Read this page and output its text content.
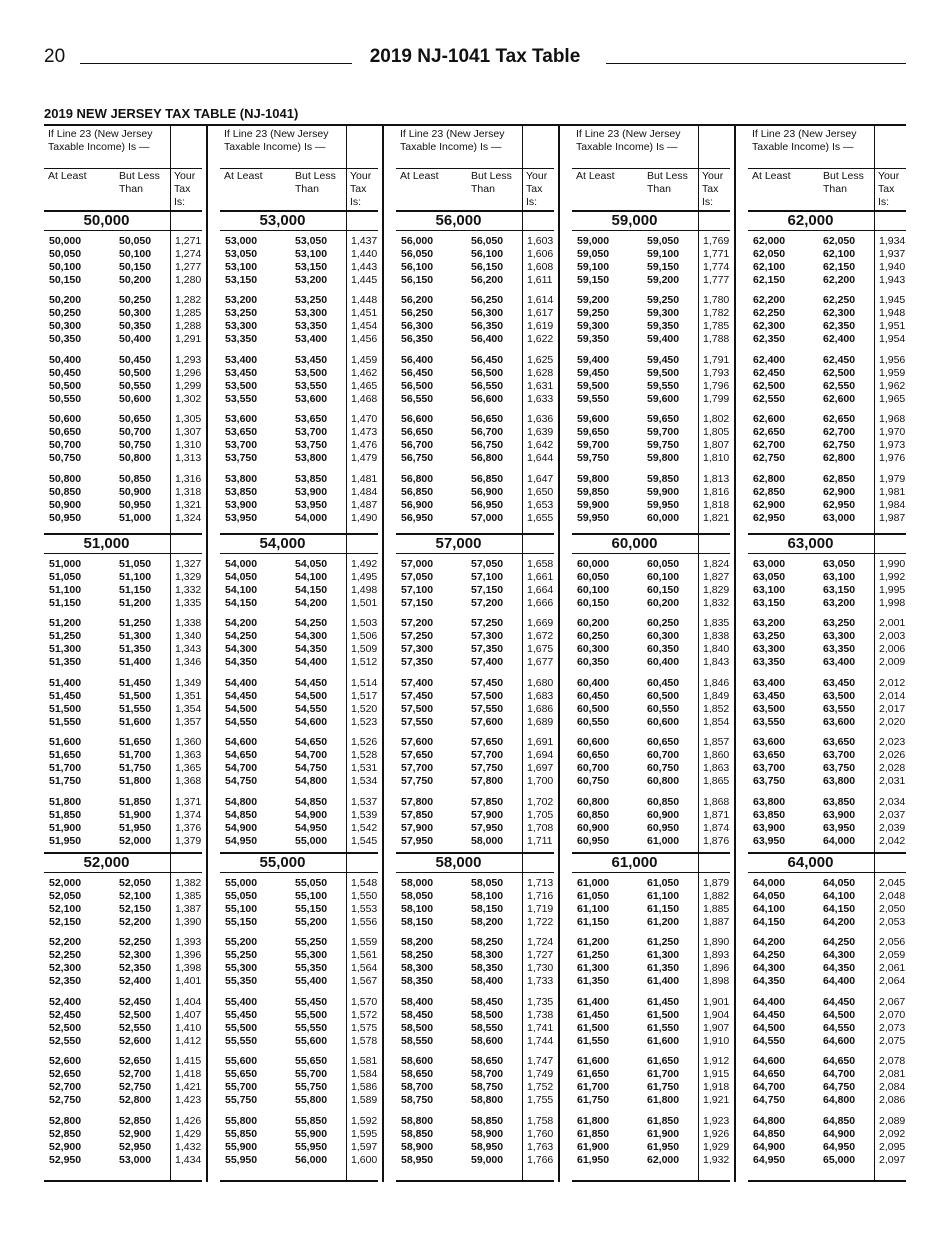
20	2019 NJ-1041 Tax Table
2019 NEW JERSEY TAX TABLE (NJ-1041)
If Line 23 (New Jersey Taxable Income) Is —
At Least	But Less Than
Your Tax Is:
50,000
50,000	50,050 1,271
50,050	50,100 1,274
50,100	50,150 1,277
50,150	50,200 1,280
50,200	50,250 1,282
50,250	50,300 1,285
50,300	50,350 1,288
50,350	50,400 1,291
50,400	50,450 1,293
50,450	50,500 1,296
50,500	50,550 1,299
50,550	50,600 1,302
50,600	50,650 1,305
50,650	50,700 1,307
50,700	50,750 1,310
50,750	50,800 1,313
50,800	50,850 1,316
50,850	50,900 1,318
50,900	50,950 1,321
50,950	51,000 1,324
51,000
51,000	51,050 1,327
51,050	51,100 1,329
51,100	51,150 1,332
51,150	51,200 1,335
51,200	51,250 1,338
51,250	51,300 1,340
51,300	51,350 1,343
51,350	51,400 1,346
51,400	51,450 1,349
51,450	51,500 1,351
51,500	51,550 1,354
51,550	51,600 1,357
51,600	51,650 1,360
51,650	51,700 1,363
51,700	51,750 1,365
51,750	51,800 1,368
51,800	51,850 1,371
51,850	51,900 1,374
51,900	51,950 1,376
51,950	52,000 1,379
52,000
52,000	52,050 1,382
52,050	52,100 1,385
52,100	52,150 1,387
52,150	52,200 1,390
52,200	52,250 1,393
52,250	52,300 1,396
52,300	52,350 1,398
52,350	52,400 1,401
52,400	52,450 1,404
52,450	52,500 1,407
52,500	52,550 1,410
52,550	52,600 1,412
52,600	52,650 1,415
52,650	52,700 1,418
52,700	52,750 1,421
52,750	52,800 1,423
52,800	52,850 1,426
52,850	52,900 1,429
52,900	52,950 1,432
52,950	53,000 1,434
If Line 23 (New Jersey Taxable Income) Is —
At Least	But Less Than
Your Tax Is:
53,000
53,000	53,050 1,437
53,050	53,100 1,440
53,100	53,150 1,443
53,150	53,200 1,445
53,200	53,250 1,448
53,250	53,300 1,451
53,300	53,350 1,454
53,350	53,400 1,456
53,400	53,450 1,459
53,450	53,500 1,462
53,500	53,550 1,465
53,550	53,600 1,468
53,600	53,650 1,470
53,650	53,700 1,473
53,700	53,750 1,476
53,750	53,800 1,479
53,800	53,850 1,481
53,850	53,900 1,484
53,900	53,950 1,487
53,950	54,000 1,490
54,000
54,000	54,050 1,492
54,050	54,100 1,495
54,100	54,150 1,498
54,150	54,200 1,501
54,200	54,250 1,503
54,250	54,300 1,506
54,300	54,350 1,509
54,350	54,400 1,512
54,400	54,450 1,514
54,450	54,500 1,517
54,500	54,550 1,520
54,550	54,600 1,523
54,600	54,650 1,526
54,650	54,700 1,528
54,700	54,750 1,531
54,750	54,800 1,534
54,800	54,850 1,537
54,850	54,900 1,539
54,900	54,950 1,542
54,950	55,000 1,545
55,000
55,000	55,050 1,548
55,050	55,100 1,550
55,100	55,150 1,553
55,150	55,200 1,556
55,200	55,250 1,559
55,250	55,300 1,561
55,300	55,350 1,564
55,350	55,400 1,567
55,400	55,450 1,570
55,450	55,500 1,572
55,500	55,550 1,575
55,550	55,600 1,578
55,600	55,650 1,581
55,650	55,700 1,584
55,700	55,750 1,586
55,750	55,800 1,589
55,800	55,850 1,592
55,850	55,900 1,595
55,900	55,950 1,597
55,950	56,000 1,600
If Line 23 (New Jersey Taxable Income) Is —
At Least	But Less Than
Your Tax Is:
56,000
56,000	56,050 1,603
56,050	56,100 1,606
56,100	56,150 1,608
56,150	56,200 1,611
56,200	56,250 1,614
56,250	56,300 1,617
56,300	56,350 1,619
56,350	56,400 1,622
56,400	56,450 1,625
56,450	56,500 1,628
56,500	56,550 1,631
56,550	56,600 1,633
56,600	56,650 1,636
56,650	56,700 1,639
56,700	56,750 1,642
56,750	56,800 1,644
56,800	56,850 1,647
56,850	56,900 1,650
56,900	56,950 1,653
56,950	57,000 1,655
57,000
57,000	57,050 1,658
57,050	57,100 1,661
57,100	57,150 1,664
57,150	57,200 1,666
57,200	57,250 1,669
57,250	57,300 1,672
57,300	57,350 1,675
57,350	57,400 1,677
57,400	57,450 1,680
57,450	57,500 1,683
57,500	57,550 1,686
57,550	57,600 1,689
57,600	57,650 1,691
57,650	57,700 1,694
57,700	57,750 1,697
57,750	57,800 1,700
57,800	57,850 1,702
57,850	57,900 1,705
57,900	57,950 1,708
57,950	58,000 1,711
58,000
58,000	58,050 1,713
58,050	58,100 1,716
58,100	58,150 1,719
58,150	58,200 1,722
58,200	58,250 1,724
58,250	58,300 1,727
58,300	58,350 1,730
58,350	58,400 1,733
58,400	58,450 1,735
58,450	58,500 1,738
58,500	58,550 1,741
58,550	58,600 1,744
58,600	58,650 1,747
58,650	58,700 1,749
58,700	58,750 1,752
58,750	58,800 1,755
58,800	58,850 1,758
58,850	58,900 1,760
58,900	58,950 1,763
58,950	59,000 1,766
If Line 23 (New Jersey Taxable Income) Is —
At Least	But Less Than
Your Tax Is:
59,000
59,000	59,050 1,769
59,050	59,100 1,771
59,100	59,150 1,774
59,150	59,200 1,777
59,200	59,250 1,780
59,250	59,300 1,782
59,300	59,350 1,785
59,350	59,400 1,788
59,400	59,450 1,791
59,450	59,500 1,793
59,500	59,550 1,796
59,550	59,600 1,799
59,600	59,650 1,802
59,650	59,700 1,805
59,700	59,750 1,807
59,750	59,800 1,810
59,800	59,850 1,813
59,850	59,900 1,816
59,900	59,950 1,818
59,950	60,000 1,821
60,000
60,000	60,050 1,824
60,050	60,100 1,827
60,100	60,150 1,829
60,150	60,200 1,832
60,200	60,250 1,835
60,250	60,300 1,838
60,300	60,350 1,840
60,350	60,400 1,843
60,400	60,450 1,846
60,450	60,500 1,849
60,500	60,550 1,852
60,550	60,600 1,854
60,600	60,650 1,857
60,650	60,700 1,860
60,700	60,750 1,863
60,750	60,800 1,865
60,800	60,850 1,868
60,850	60,900 1,871
60,900	60,950 1,874
60,950	61,000 1,876
61,000
61,000	61,050 1,879
61,050	61,100 1,882
61,100	61,150 1,885
61,150	61,200 1,887
61,200	61,250 1,890
61,250	61,300 1,893
61,300	61,350 1,896
61,350	61,400 1,898
61,400	61,450 1,901
61,450	61,500 1,904
61,500	61,550 1,907
61,550	61,600 1,910
61,600	61,650 1,912
61,650	61,700 1,915
61,700	61,750 1,918
61,750	61,800 1,921
61,800	61,850 1,923
61,850	61,900 1,926
61,900	61,950 1,929
61,950	62,000 1,932
If Line 23 (New Jersey Taxable Income) Is —
At Least	But Less Than
Your Tax Is:
62,000
62,000	62,050 1,934
62,050	62,100 1,937
62,100	62,150 1,940
62,150	62,200 1,943
62,200	62,250 1,945
62,250	62,300 1,948
62,300	62,350 1,951
62,350	62,400 1,954
62,400	62,450 1,956
62,450	62,500 1,959
62,500	62,550 1,962
62,550	62,600 1,965
62,600	62,650 1,968
62,650	62,700 1,970
62,700	62,750 1,973
62,750	62,800 1,976
62,800	62,850 1,979
62,850	62,900 1,981
62,900	62,950 1,984
62,950	63,000 1,987
63,000
63,000	63,050 1,990
63,050	63,100 1,992
63,100	63,150 1,995
63,150	63,200 1,998
63,200	63,250 2,001
63,250	63,300 2,003
63,300	63,350 2,006
63,350	63,400 2,009
63,400	63,450 2,012
63,450	63,500 2,014
63,500	63,550 2,017
63,550	63,600 2,020
63,600	63,650 2,023
63,650	63,700 2,026
63,700	63,750 2,028
63,750	63,800 2,031
63,800	63,850 2,034
63,850	63,900 2,037
63,900	63,950 2,039
63,950	64,000 2,042
64,000
64,000	64,050 2,045
64,050	64,100 2,048
64,100	64,150 2,050
64,150	64,200 2,053
64,200	64,250 2,056
64,250	64,300 2,059
64,300	64,350 2,061
64,350	64,400 2,064
64,400	64,450 2,067
64,450	64,500 2,070
64,500	64,550 2,073
64,550	64,600 2,075
64,600	64,650 2,078
64,650	64,700 2,081
64,700	64,750 2,084
64,750	64,800 2,086
64,800	64,850 2,089
64,850	64,900 2,092
64,900	64,950 2,095
64,950	65,000 2,097
